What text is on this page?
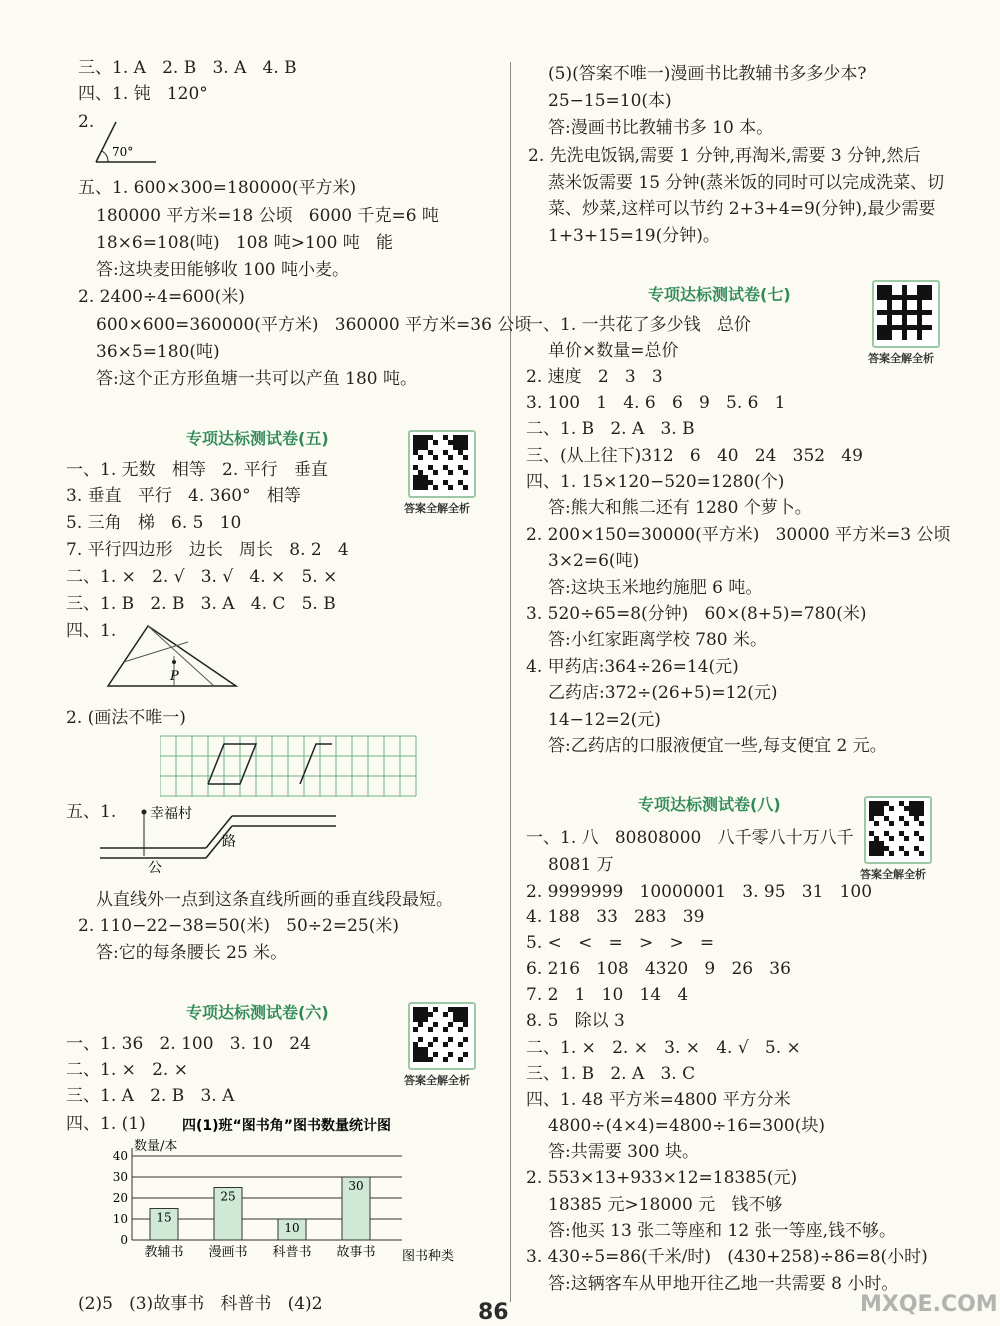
三、1. A   2. B   3. A   4. B
四、1. 钝   120°
2.
70°
五、1. 600×300=180000(平方米)
180000 平方米=18 公顷   6000 千克=6 吨
18×6=108(吨)   108 吨>100 吨   能
答:这块麦田能够收 100 吨小麦。
2. 2400÷4=600(米)
600×600=360000(平方米)   360000 平方米=36 公顷
36×5=180(吨)
答:这个正方形鱼塘一共可以产鱼 180 吨。
专项达标测试卷(五)
答案全解全析
一、1. 无数   相等   2. 平行   垂直
3. 垂直   平行   4. 360°   相等
5. 三角   梯   6. 5   10
7. 平行四边形   边长   周长   8. 2   4
二、1. ×   2. √   3. √   4. ×   5. ×
三、1. B   2. B   3. A   4. C   5. B
四、1.
P
2. (画法不唯一)
五、1. 幸福村
公
路
从直线外一点到这条直线所画的垂直线段最短。
2. 110−22−38=50(米)   50÷2=25(米)
答:它的每条腰长 25 米。
专项达标测试卷(六)
答案全解全析
一、1. 36   2. 100   3. 10   24
二、1. ×   2. ×
三、1. A   2. B   3. A
四、1. (1)	四(1)班“图书角”图书数量统计图
数量/本
15
25
10
30
教辅书 漫画书 科普书 故事书
0
10
20
30
40
图书种类
(2)5   (3)故事书   科普书   (4)2
(5)(答案不唯一)漫画书比教辅书多多少本?
25−15=10(本)
答:漫画书比教辅书多 10 本。
2. 先洗电饭锅,需要 1 分钟,再淘米,需要 3 分钟,然后
蒸米饭需要 15 分钟(蒸米饭的同时可以完成洗菜、切
菜、炒菜,这样可以节约 2+3+4=9(分钟),最少需要
1+3+15=19(分钟)。
专项达标测试卷(七)
答案全解全析
一、1. 一共花了多少钱   总价
单价×数量=总价
2. 速度   2   3   3
3. 100   1   4. 6   6   9   5. 6   1
二、1. B   2. A   3. B
三、(从上往下)312   6   40   24   352   49
四、1. 15×120−520=1280(个)
答:熊大和熊二还有 1280 个萝卜。
2. 200×150=30000(平方米)   30000 平方米=3 公顷
3×2=6(吨)
答:这块玉米地约施肥 6 吨。
3. 520÷65=8(分钟)   60×(8+5)=780(米)
答:小红家距离学校 780 米。
4. 甲药店:364÷26=14(元)
乙药店:372÷(26+5)=12(元)
14−12=2(元)
答:乙药店的口服液便宜一些,每支便宜 2 元。
专项达标测试卷(八)
答案全解全析
一、1. 八   80808000   八千零八十万八千
8081 万
2. 9999999   10000001   3. 95   31   100
4. 188   33   283   39
5. <   <   =   >   >   =
6. 216   108   4320   9   26   36
7. 2   1   10   14   4
8. 5   除以 3
二、1. ×   2. ×   3. ×   4. √   5. ×
三、1. B   2. A   3. C
四、1. 48 平方米=4800 平方分米
4800÷(4×4)=4800÷16=300(块)
答:共需要 300 块。
2. 553×13+933×12=18385(元)
18385 元>18000 元   钱不够
答:他买 13 张二等座和 12 张一等座,钱不够。
3. 430÷5=86(千米/时)   (430+258)÷86=8(小时)
答:这辆客车从甲地开往乙地一共需要 8 小时。
86	MXQE.COM
